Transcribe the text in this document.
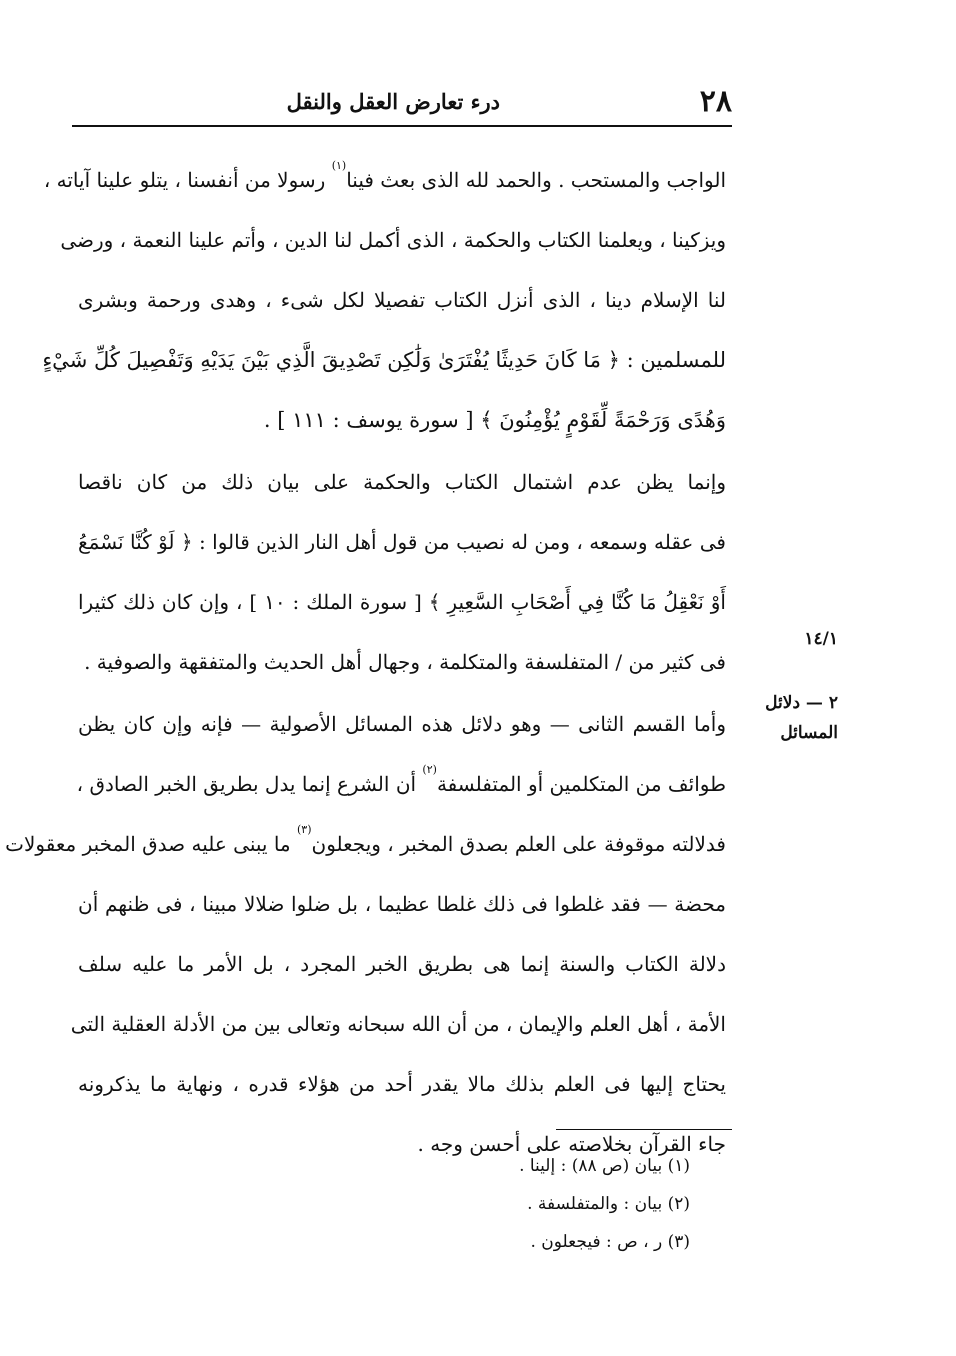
٢٨
درء تعارض العقل والنقل
الواجب والمستحب . والحمد لله الذى بعث فينا$^{(١)}$ رسولا من أنفسنا ، يتلو علينا آياته ،
ويزكينا ، ويعلمنا الكتاب والحكمة ، الذى أكمل لنا الدين ، وأتم علينا النعمة ، ورضى
لنا الإسلام دينا ، الذى أنزل الكتاب تفصيلا لكل شىء ، وهدى ورحمة وبشرى
للمسلمين : ﴿ مَا كَانَ حَدِيثًا يُفْتَرَىٰ وَلَٰكِن تَصْدِيقَ الَّذِي بَيْنَ يَدَيْهِ وَتَفْصِيلَ كُلِّ شَيْءٍ
وَهُدًى وَرَحْمَةً لِّقَوْمٍ يُؤْمِنُونَ ﴾ [ سورة يوسف : ١١١ ] .
وإنما يظن عدم اشتمال الكتاب والحكمة على بيان ذلك من كان ناقصا
فى عقله وسمعه ، ومن له نصيب من قول أهل النار الذين قالوا : ﴿ لَوْ كُنَّا نَسْمَعُ
أَوْ نَعْقِلُ مَا كُنَّا فِي أَصْحَابِ السَّعِيرِ ﴾ [ سورة الملك : ١٠ ] ، وإن كان ذلك كثيرا
فى كثير من / المتفلسفة والمتكلمة ، وجهال أهل الحديث والمتفقهة والصوفية .
وأما القسم الثانى — وهو دلائل هذه المسائل الأصولية — فإنه وإن كان يظن
طوائف من المتكلمين أو المتفلسفة$^{(٢)}$ أن الشرع إنما يدل بطريق الخبر الصادق ،
فدلالته موقوفة على العلم بصدق المخبر ، ويجعلون$^{(٣)}$ ما يبنى عليه صدق المخبر معقولات
محضة — فقد غلطوا فى ذلك غلطا عظيما ، بل ضلوا ضلالا مبينا ، فى ظنهم أن
دلالة الكتاب والسنة إنما هى بطريق الخبر المجرد ، بل الأمر ما عليه سلف
الأمة ، أهل العلم والإيمان ، من أن الله سبحانه وتعالى بين من الأدلة العقلية التى
يحتاج إليها فى العلم بذلك مالا يقدر أحد من هؤلاء قدره ، ونهاية ما يذكرونه
جاء القرآن بخلاصته على أحسن وجه .
١٤/١
٢ — دلائل
المسائل
(١) بيان (ص ٨٨) : إلينا .
(٢) بيان : والمتفلسفة .
(٣) ر ، ص : فيجعلون .
